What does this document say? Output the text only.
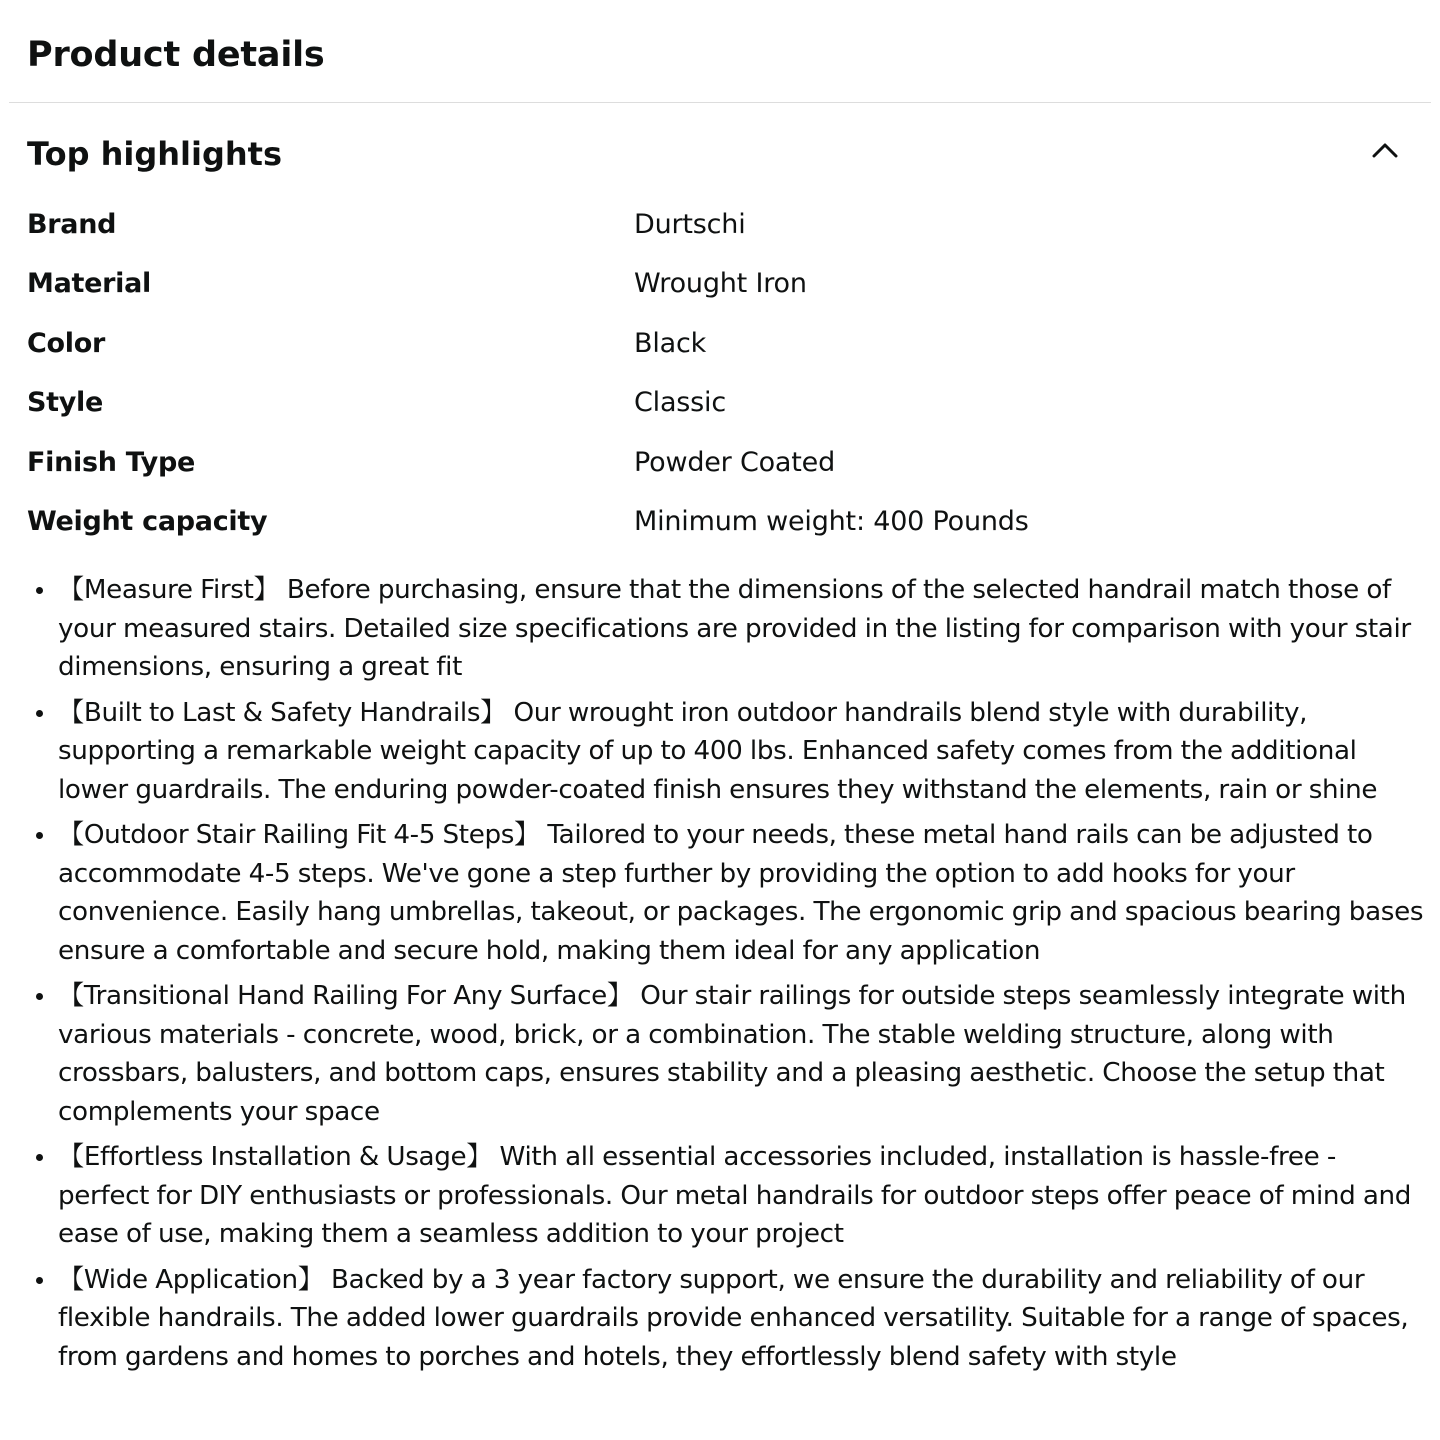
Product details
Top highlights
Brand	Durtschi
Material	Wrought Iron
Color	Black
Style	Classic
Finish Type	Powder Coated
Weight capacity	Minimum weight: 400 Pounds
【Measure First】 Before purchasing, ensure that the dimensions of the selected handrail match those of your measured stairs. Detailed size specifications are provided in the listing for comparison with your stair dimensions, ensuring a great fit
【Built to Last & Safety Handrails】 Our wrought iron outdoor handrails blend style with durability, supporting a remarkable weight capacity of up to 400 lbs. Enhanced safety comes from the additional lower guardrails. The enduring powder-coated finish ensures they withstand the elements, rain or shine
【Outdoor Stair Railing Fit 4-5 Steps】 Tailored to your needs, these metal hand rails can be adjusted to accommodate 4-5 steps. We've gone a step further by providing the option to add hooks for your convenience. Easily hang umbrellas, takeout, or packages. The ergonomic grip and spacious bearing bases ensure a comfortable and secure hold, making them ideal for any application
【Transitional Hand Railing For Any Surface】 Our stair railings for outside steps seamlessly integrate with various materials - concrete, wood, brick, or a combination. The stable welding structure, along with crossbars, balusters, and bottom caps, ensures stability and a pleasing aesthetic. Choose the setup that complements your space
【Effortless Installation & Usage】 With all essential accessories included, installation is hassle-free - perfect for DIY enthusiasts or professionals. Our metal handrails for outdoor steps offer peace of mind and ease of use, making them a seamless addition to your project
【Wide Application】 Backed by a 3 year factory support, we ensure the durability and reliability of our flexible handrails. The added lower guardrails provide enhanced versatility. Suitable for a range of spaces, from gardens and homes to porches and hotels, they effortlessly blend safety with style
